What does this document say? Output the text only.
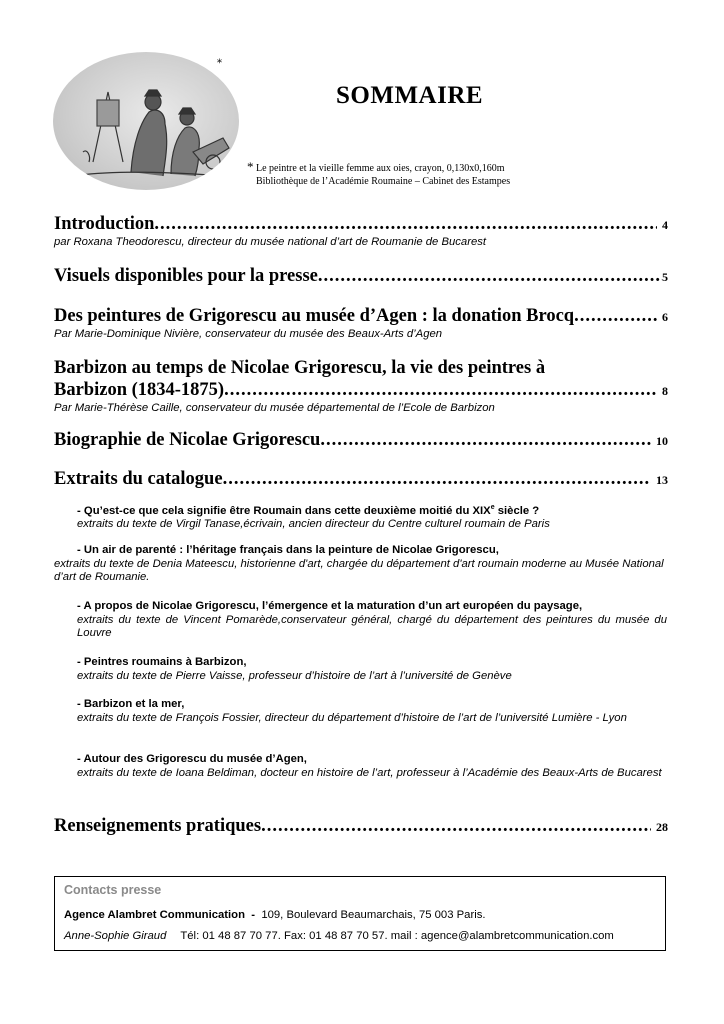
*
SOMMAIRE
* Le peintre et la vieille femme aux oies, crayon, 0,130x0,160m
Bibliothèque de l’Académie Roumaine – Cabinet des Estampes
Introduction .....	4
par Roxana Theodorescu, directeur du musée national d’art de Roumanie de Bucarest
Visuels disponibles pour la presse .....	5
Des peintures de Grigorescu au musée d’Agen : la donation Brocq .....	6
Par Marie-Dominique Nivière, conservateur du musée des Beaux-Arts d’Agen
Barbizon au temps de Nicolae Grigorescu, la vie des peintres à
Barbizon (1834-1875) .....	8
Par Marie-Thérèse Caille, conservateur du musée départemental de l’Ecole de Barbizon
Biographie de Nicolae Grigorescu .....	10
Extraits du catalogue .....	13
- Qu’est-ce que cela signifie être Roumain dans cette deuxième moitié du XIXe siècle ?
extraits du texte de Virgil Tanase,écrivain, ancien directeur du Centre culturel roumain de Paris
- Un air de parenté : l’héritage français dans la peinture de Nicolae Grigorescu,
extraits du texte de Denia Mateescu, historienne d'art, chargée du département d'art roumain moderne au Musée National d’art de Roumanie.
- A propos de Nicolae Grigorescu, l’émergence et la maturation d’un art européen du paysage,
extraits du texte de Vincent Pomarède,conservateur général, chargé du département des peintures du musée du Louvre
- Peintres roumains à Barbizon,
extraits du texte de Pierre Vaisse, professeur d’histoire de l’art à l’université de Genève
- Barbizon et la mer,
extraits du texte de François Fossier, directeur du département d’histoire de l’art de l’université Lumière - Lyon
- Autour des Grigorescu du musée d’Agen,
extraits du texte de Ioana Beldiman, docteur en histoire de l’art, professeur à l’Académie des Beaux-Arts de Bucarest
Renseignements pratiques .....	28
Contacts presse
Agence Alambret Communication  -  109, Boulevard Beaumarchais, 75 003 Paris.
Anne-Sophie Giraud Tél: 01 48 87 70 77. Fax: 01 48 87 70 57. mail : agence@alambretcommunication.com
